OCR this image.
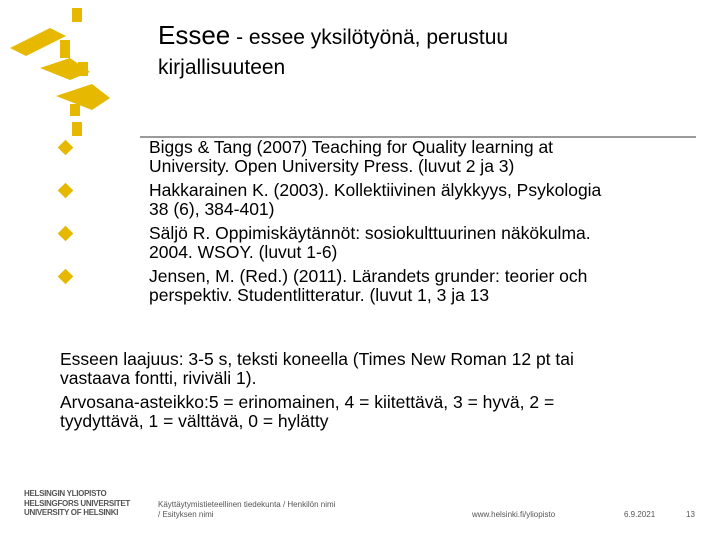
Essee - essee yksilötyönä, perustuu
kirjallisuuteen
Biggs & Tang (2007) Teaching for Quality learning at
University. Open University Press. (luvut 2 ja 3)
Hakkarainen K. (2003). Kollektiivinen älykkyys, Psykologia
38 (6), 384-401)
Säljö R. Oppimiskäytännöt: sosiokulttuurinen näkökulma.
2004. WSOY. (luvut 1-6)
Jensen, M. (Red.) (2011). Lärandets grunder: teorier och
perspektiv. Studentlitteratur. (luvut 1, 3 ja 13

Esseen laajuus: 3-5 s, teksti koneella (Times New Roman 12 pt tai
vastaava fontti, riviväli 1).

Arvosana-asteikko:5 = erinomainen, 4 = kiitettävä, 3 = hyvä, 2 =
tyydyttävä, 1 = välttävä, 0 = hylätty

HELSINGIN YLIOPISTO
HELSINGFORS UNIVERSITET
UNIVERSITY OF HELSINKI
Käyttäytymistieteellinen tiedekunta / Henkilön nimi
/ Esityksen nimi	www.helsinki.fi/yliopisto	6.9.2021	13
